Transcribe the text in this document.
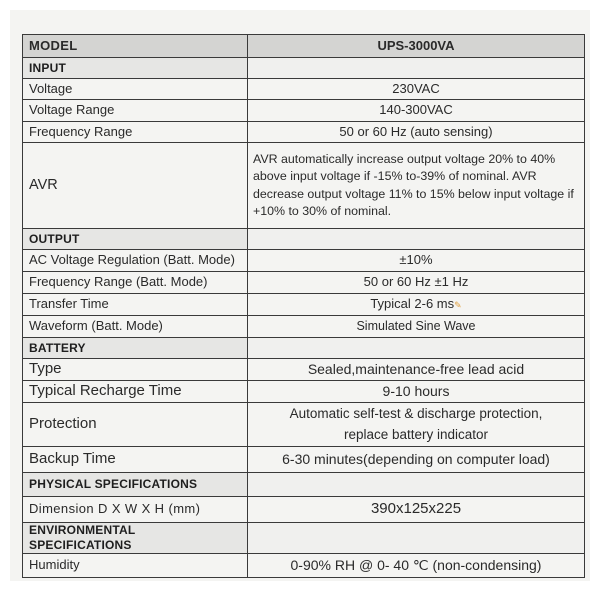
MODEL	UPS-3000VA
INPUT	
Voltage	230VAC
Voltage Range	140-300VAC
Frequency Range	50 or 60 Hz (auto sensing)
AVR	AVR automatically increase output voltage 20% to 40% above input voltage if -15% to-39% of nominal. AVR decrease output voltage 11% to 15% below input voltage if +10% to 30% of nominal.
OUTPUT	
AC Voltage Regulation (Batt. Mode)	±10%
Frequency Range (Batt. Mode)	50 or 60 Hz ±1 Hz
Transfer Time	Typical 2-6 ms✎
Waveform (Batt. Mode)	Simulated Sine Wave
BATTERY	
Type	Sealed,maintenance-free lead acid
Typical Recharge Time	9-10 hours
Protection	Automatic self-test & discharge protection,
replace battery indicator
Backup Time	6-30 minutes(depending on computer load)
PHYSICAL SPECIFICATIONS	
Dimension D X W X H (mm)	390x125x225
ENVIRONMENTAL SPECIFICATIONS	
Humidity	0-90% RH @ 0- 40 ℃ (non-condensing)
